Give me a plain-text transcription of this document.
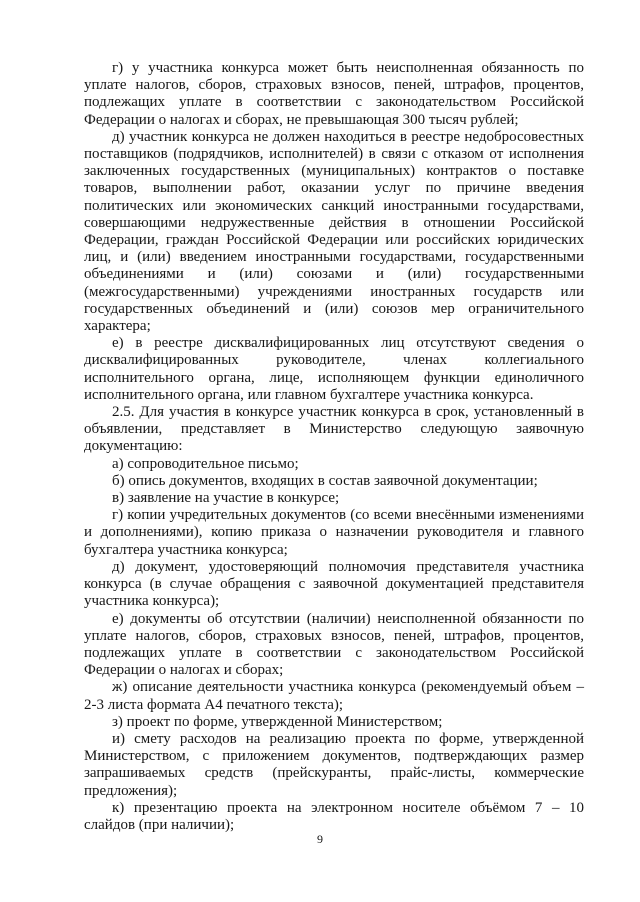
г) у участника конкурса может быть неисполненная обязанность по уплате налогов, сборов, страховых взносов, пеней, штрафов, процентов, подлежащих уплате в соответствии с законодательством Российской Федерации о налогах и сборах, не превышающая 300 тысяч рублей;

д) участник конкурса не должен находиться в реестре недобросовестных поставщиков (подрядчиков, исполнителей) в связи с отказом от исполнения заключенных государственных (муниципальных) контрактов о поставке товаров, выполнении работ, оказании услуг по причине введения политических или экономических санкций иностранными государствами, совершающими недружественные действия в отношении Российской Федерации, граждан Российской Федерации или российских юридических лиц, и (или) введением иностранными государствами, государственными объединениями и (или) союзами и (или) государственными (межгосударственными) учреждениями иностранных государств или государственных объединений и (или) союзов мер ограничительного характера;

е) в реестре дисквалифицированных лиц отсутствуют сведения о дисквалифицированных руководителе, членах коллегиального исполнительного органа, лице, исполняющем функции единоличного исполнительного органа, или главном бухгалтере участника конкурса.

2.5. Для участия в конкурсе участник конкурса в срок, установленный в объявлении, представляет в Министерство следующую заявочную документацию:

а) сопроводительное письмо;

б) опись документов, входящих в состав заявочной документации;

в) заявление на участие в конкурсе;

г) копии учредительных документов (со всеми внесёнными изменениями и дополнениями), копию приказа о назначении руководителя и главного бухгалтера участника конкурса;

д) документ, удостоверяющий полномочия представителя участника конкурса (в случае обращения с заявочной документацией представителя участника конкурса);

е) документы об отсутствии (наличии) неисполненной обязанности по уплате налогов, сборов, страховых взносов, пеней, штрафов, процентов, подлежащих уплате в соответствии с законодательством Российской Федерации о налогах и сборах;

ж) описание деятельности участника конкурса (рекомендуемый объем – 2-3 листа формата А4 печатного текста);

з) проект по форме, утвержденной Министерством;

и) смету расходов на реализацию проекта по форме, утвержденной Министерством, с приложением документов, подтверждающих размер запрашиваемых средств (прейскуранты, прайс-листы, коммерческие предложения);

к) презентацию проекта на электронном носителе объёмом 7 – 10 слайдов (при наличии);

9
